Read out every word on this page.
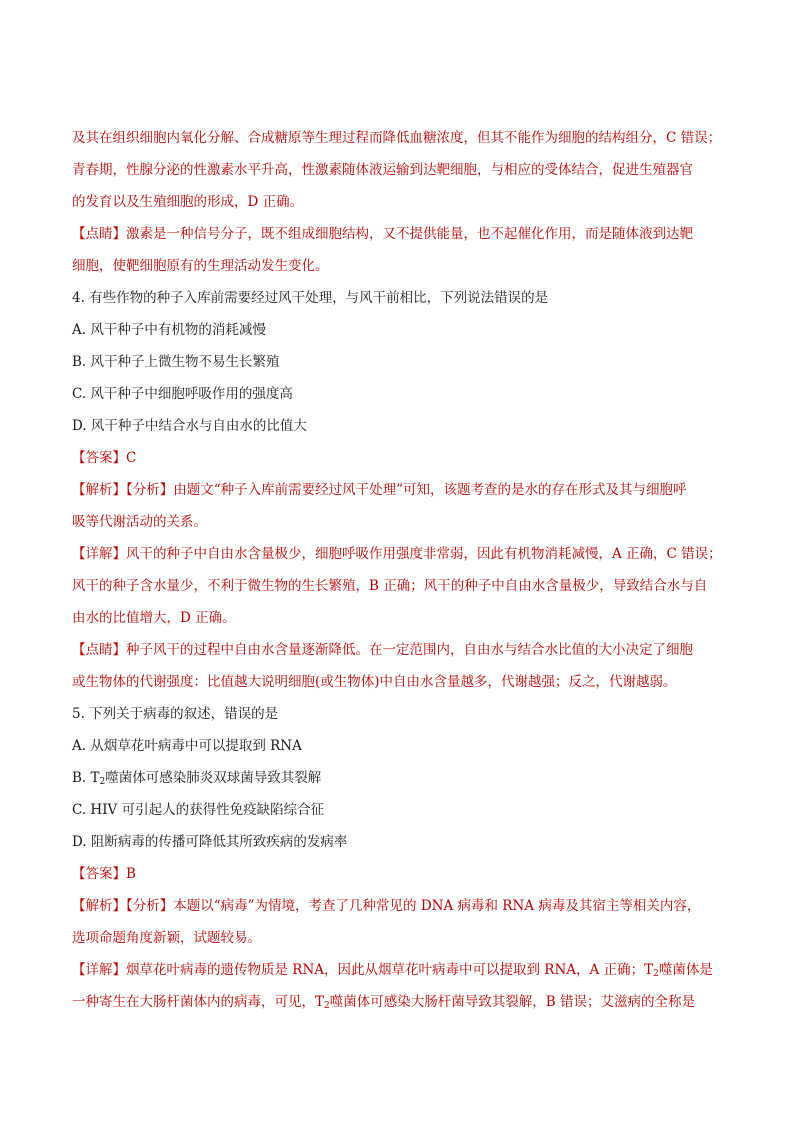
及其在组织细胞内氧化分解、合成糖原等生理过程而降低血糖浓度，但其不能作为细胞的结构组分，C 错误；
青春期，性腺分泌的性激素水平升高，性激素随体液运输到达靶细胞，与相应的受体结合，促进生殖器官
的发育以及生殖细胞的形成，D 正确。
【点睛】激素是一种信号分子，既不组成细胞结构，又不提供能量，也不起催化作用，而是随体液到达靶
细胞，使靶细胞原有的生理活动发生变化。
4. 有些作物的种子入库前需要经过风干处理，与风干前相比，下列说法错误的是
A. 风干种子中有机物的消耗减慢
B. 风干种子上微生物不易生长繁殖
C. 风干种子中细胞呼吸作用的强度高
D. 风干种子中结合水与自由水的比值大
【答案】C
【解析】【分析】由题文“种子入库前需要经过风干处理”可知，该题考查的是水的存在形式及其与细胞呼
吸等代谢活动的关系。
【详解】风干的种子中自由水含量极少，细胞呼吸作用强度非常弱，因此有机物消耗减慢，A 正确，C 错误；
风干的种子含水量少，不利于微生物的生长繁殖，B 正确；风干的种子中自由水含量极少，导致结合水与自
由水的比值增大，D 正确。
【点睛】种子风干的过程中自由水含量逐渐降低。在一定范围内，自由水与结合水比值的大小决定了细胞
或生物体的代谢强度：比值越大说明细胞(或生物体)中自由水含量越多，代谢越强；反之，代谢越弱。
5. 下列关于病毒的叙述，错误的是
A. 从烟草花叶病毒中可以提取到 RNA
B. $T_2$噬菌体可感染肺炎双球菌导致其裂解
C. HIV 可引起人的获得性免疫缺陷综合征
D. 阻断病毒的传播可降低其所致疾病的发病率
【答案】B
【解析】【分析】本题以“病毒”为情境，考查了几种常见的 DNA 病毒和 RNA 病毒及其宿主等相关内容，
选项命题角度新颖，试题较易。
【详解】烟草花叶病毒的遗传物质是 RNA，因此从烟草花叶病毒中可以提取到 RNA，A 正确；$T_2$噬菌体是
一种寄生在大肠杆菌体内的病毒，可见，$T_2$噬菌体可感染大肠杆菌导致其裂解，B 错误；艾滋病的全称是
